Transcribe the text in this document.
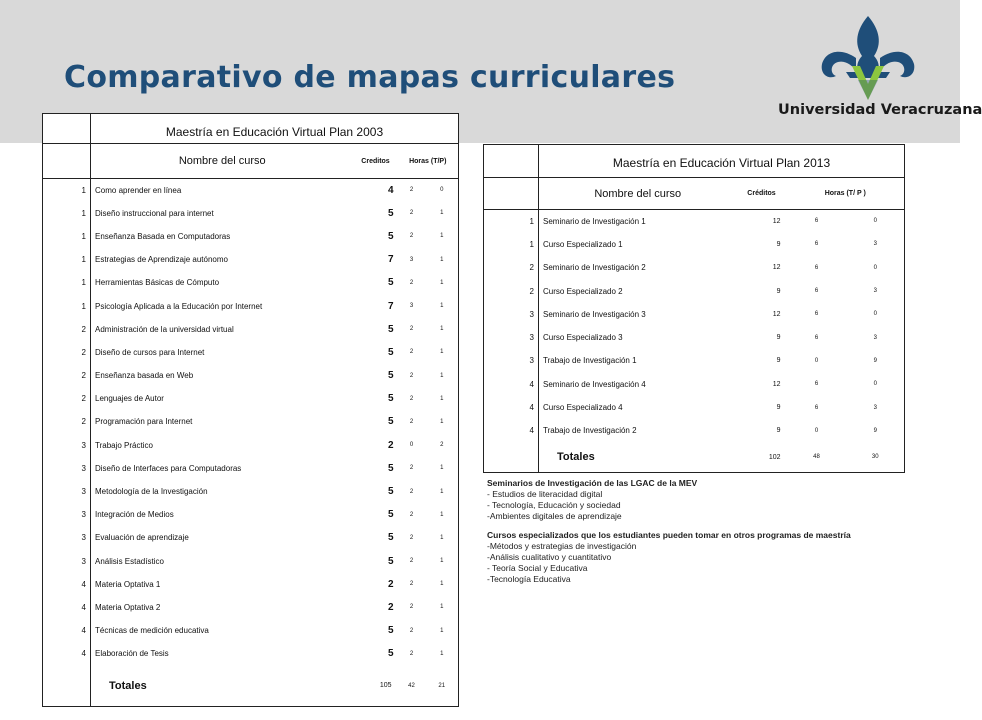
Comparativo de mapas curriculares
Universidad Veracruzana
	Maestría en Educación Virtual Plan 2003			
	Nombre del curso	Creditos	Horas (T/P)	
1	Como aprender en línea	4	2	0
1	Diseño instruccional para internet	5	2	1
1	Enseñanza Basada en Computadoras	5	2	1
1	Estrategias de Aprendizaje autónomo	7	3	1
1	Herramientas Básicas de Cómputo	5	2	1
1	Psicología Aplicada a la Educación por Internet	7	3	1
2	Administración de la universidad virtual	5	2	1
2	Diseño de cursos para Internet	5	2	1
2	Enseñanza basada en Web	5	2	1
2	Lenguajes de Autor	5	2	1
2	Programación para Internet	5	2	1
3	Trabajo Práctico	2	0	2
3	Diseño de Interfaces para Computadoras	5	2	1
3	Metodología de la Investigación	5	2	1
3	Integración de Medios	5	2	1
3	Evaluación de aprendizaje	5	2	1
3	Análisis Estadístico	5	2	1
4	Materia Optativa 1	2	2	1
4	Materia Optativa 2	2	2	1
4	Técnicas de medición educativa	5	2	1
4	Elaboración de Tesis	5	2	1
	Totales	105	42	21
	Maestría en Educación Virtual Plan 2013			
	Nombre del curso	Créditos	Horas (T/ P )	
1	Seminario de Investigación 1	12	6	0
1	Curso Especializado 1	9	6	3
2	Seminario de Investigación 2	12	6	0
2	Curso Especializado 2	9	6	3
3	Seminario de Investigación 3	12	6	0
3	Curso Especializado 3	9	6	3
3	Trabajo de Investigación 1	9	0	9
4	Seminario de Investigación 4	12	6	0
4	Curso Especializado 4	9	6	3
4	Trabajo de Investigación 2	9	0	9
	Totales	102	48	30
Seminarios de Investigación de las LGAC de la MEV
- Estudios de literacidad digital
- Tecnología, Educación y sociedad
-Ambientes digitales de aprendizaje
Cursos especializados que los estudiantes pueden tomar en otros programas de maestría
-Métodos y estrategias de investigación
-Análisis cualitativo y cuantitativo
- Teoría Social y Educativa
-Tecnología Educativa
